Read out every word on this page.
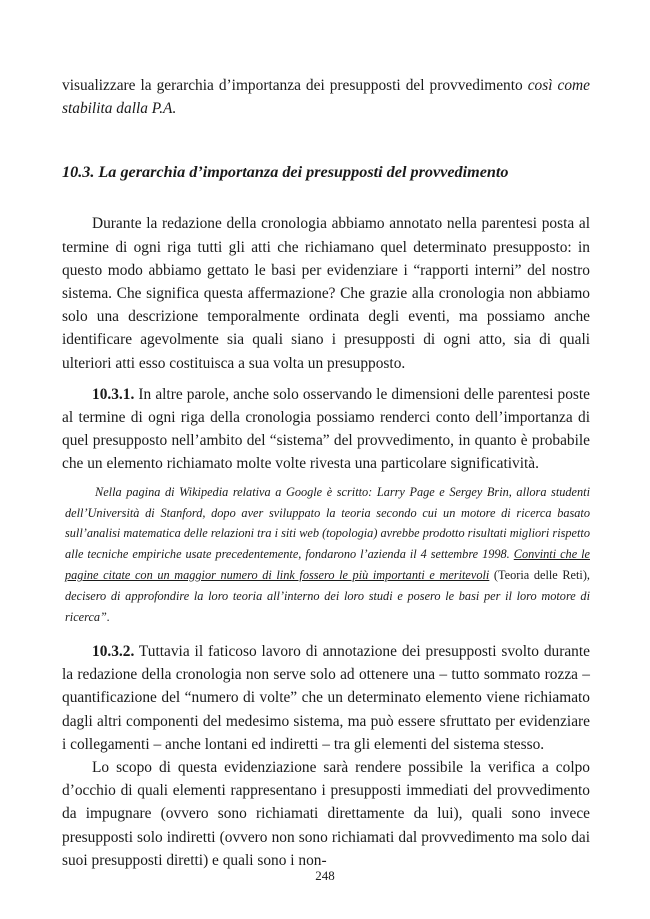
visualizzare la gerarchia d’importanza dei presupposti del provvedimento così come stabilita dalla P.A.

10.3. La gerarchia d’importanza dei presupposti del provvedimento

Durante la redazione della cronologia abbiamo annotato nella parentesi posta al termine di ogni riga tutti gli atti che richiamano quel determinato presupposto: in questo modo abbiamo gettato le basi per evidenziare i “rapporti interni” del nostro sistema. Che significa questa affermazione? Che grazie alla cronologia non abbiamo solo una descrizione temporalmente ordinata degli eventi, ma possiamo anche identificare agevolmente sia quali siano i presupposti di ogni atto, sia di quali ulteriori atti esso costituisca a sua volta un presupposto.

10.3.1. In altre parole, anche solo osservando le dimensioni delle parentesi poste al termine di ogni riga della cronologia possiamo renderci conto dell’importanza di quel presupposto nell’ambito del “sistema” del provvedimento, in quanto è probabile che un elemento richiamato molte volte rivesta una particolare significatività.

Nella pagina di Wikipedia relativa a Google è scritto: Larry Page e Sergey Brin, allora studenti dell’Università di Stanford, dopo aver sviluppato la teoria secondo cui un motore di ricerca basato sull’analisi matematica delle relazioni tra i siti web (topologia) avrebbe prodotto risultati migliori rispetto alle tecniche empiriche usate precedentemente, fondarono l’azienda il 4 settembre 1998. Convinti che le pagine citate con un maggior numero di link fossero le più importanti e meritevoli (Teoria delle Reti), decisero di approfondire la loro teoria all’interno dei loro studi e posero le basi per il loro motore di ricerca”.

10.3.2. Tuttavia il faticoso lavoro di annotazione dei presupposti svolto durante la redazione della cronologia non serve solo ad ottenere una – tutto sommato rozza – quantificazione del “numero di volte” che un determinato elemento viene richiamato dagli altri componenti del medesimo sistema, ma può essere sfruttato per evidenziare i collegamenti – anche lontani ed indiretti – tra gli elementi del sistema stesso.

Lo scopo di questa evidenziazione sarà rendere possibile la verifica a colpo d’occhio di quali elementi rappresentano i presupposti immediati del provvedimento da impugnare (ovvero sono richiamati direttamente da lui), quali sono invece presupposti solo indiretti (ovvero non sono richiamati dal provvedimento ma solo dai suoi presupposti diretti) e quali sono i non-

248
